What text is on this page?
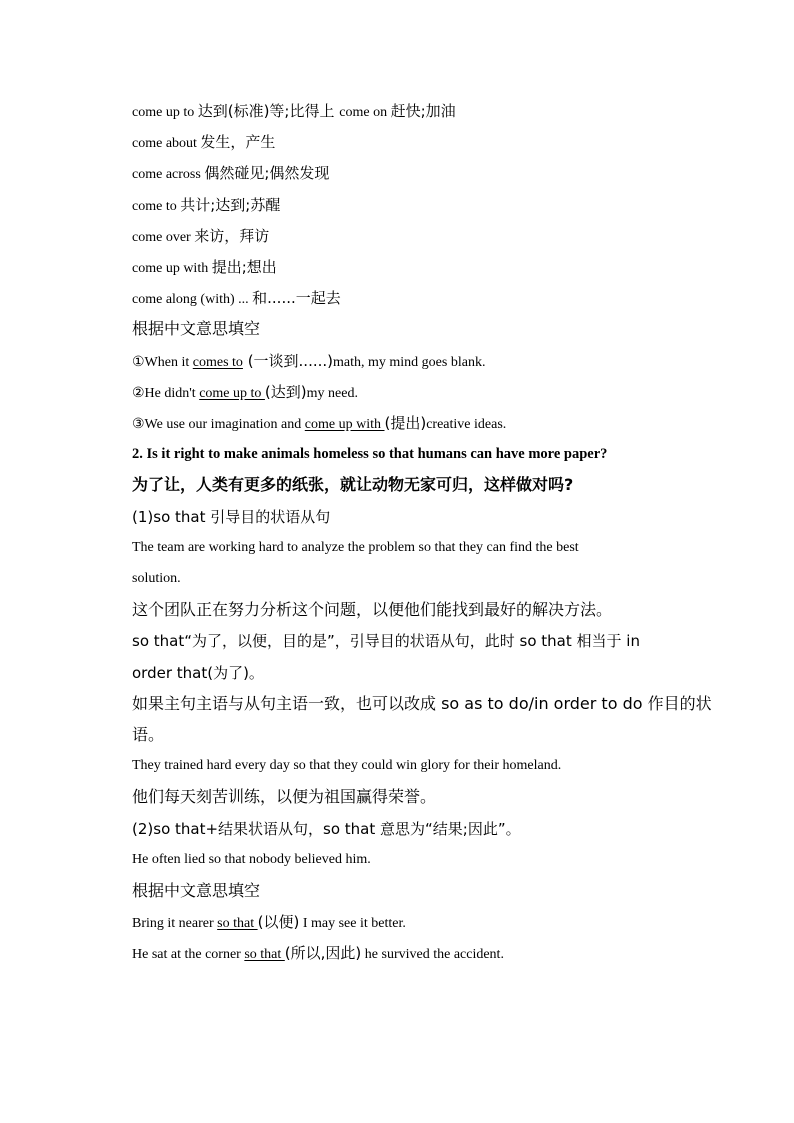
come up to 达到(标准)等;比得上 come on 赶快;加油
come about 发生，产生
come across 偶然碰见;偶然发现
come to 共计;达到;苏醒
come over 来访，拜访
come up with 提出;想出
come along (with) ... 和......一起去
根据中文意思填空
①When it comes to (一谈到......)math, my mind goes blank.
②He didn't come up to (达到)my need.
③We use our imagination and come up with (提出)creative ideas.
2. Is it right to make animals homeless so that humans can have more paper?
为了让，人类有更多的纸张，就让动物无家可归，这样做对吗?
(1)so that 引导目的状语从句
The team are working hard to analyze the problem so that they can find the best
solution.
这个团队正在努力分析这个问题，以便他们能找到最好的解决方法。
so that“为了，以便，目的是”，引导目的状语从句，此时 so that 相当于 in
order that(为了)。
如果主句主语与从句主语一致，也可以改成 so as to do/in order to do 作目的状
语。
They trained hard every day so that they could win glory for their homeland.
他们每天刻苦训练，以便为祖国赢得荣誉。
(2)so that+结果状语从句，so that 意思为“结果;因此”。
He often lied so that nobody believed him.
根据中文意思填空
Bring it nearer so that (以便) I may see it better.
He sat at the corner so that (所以,因此) he survived the accident.
